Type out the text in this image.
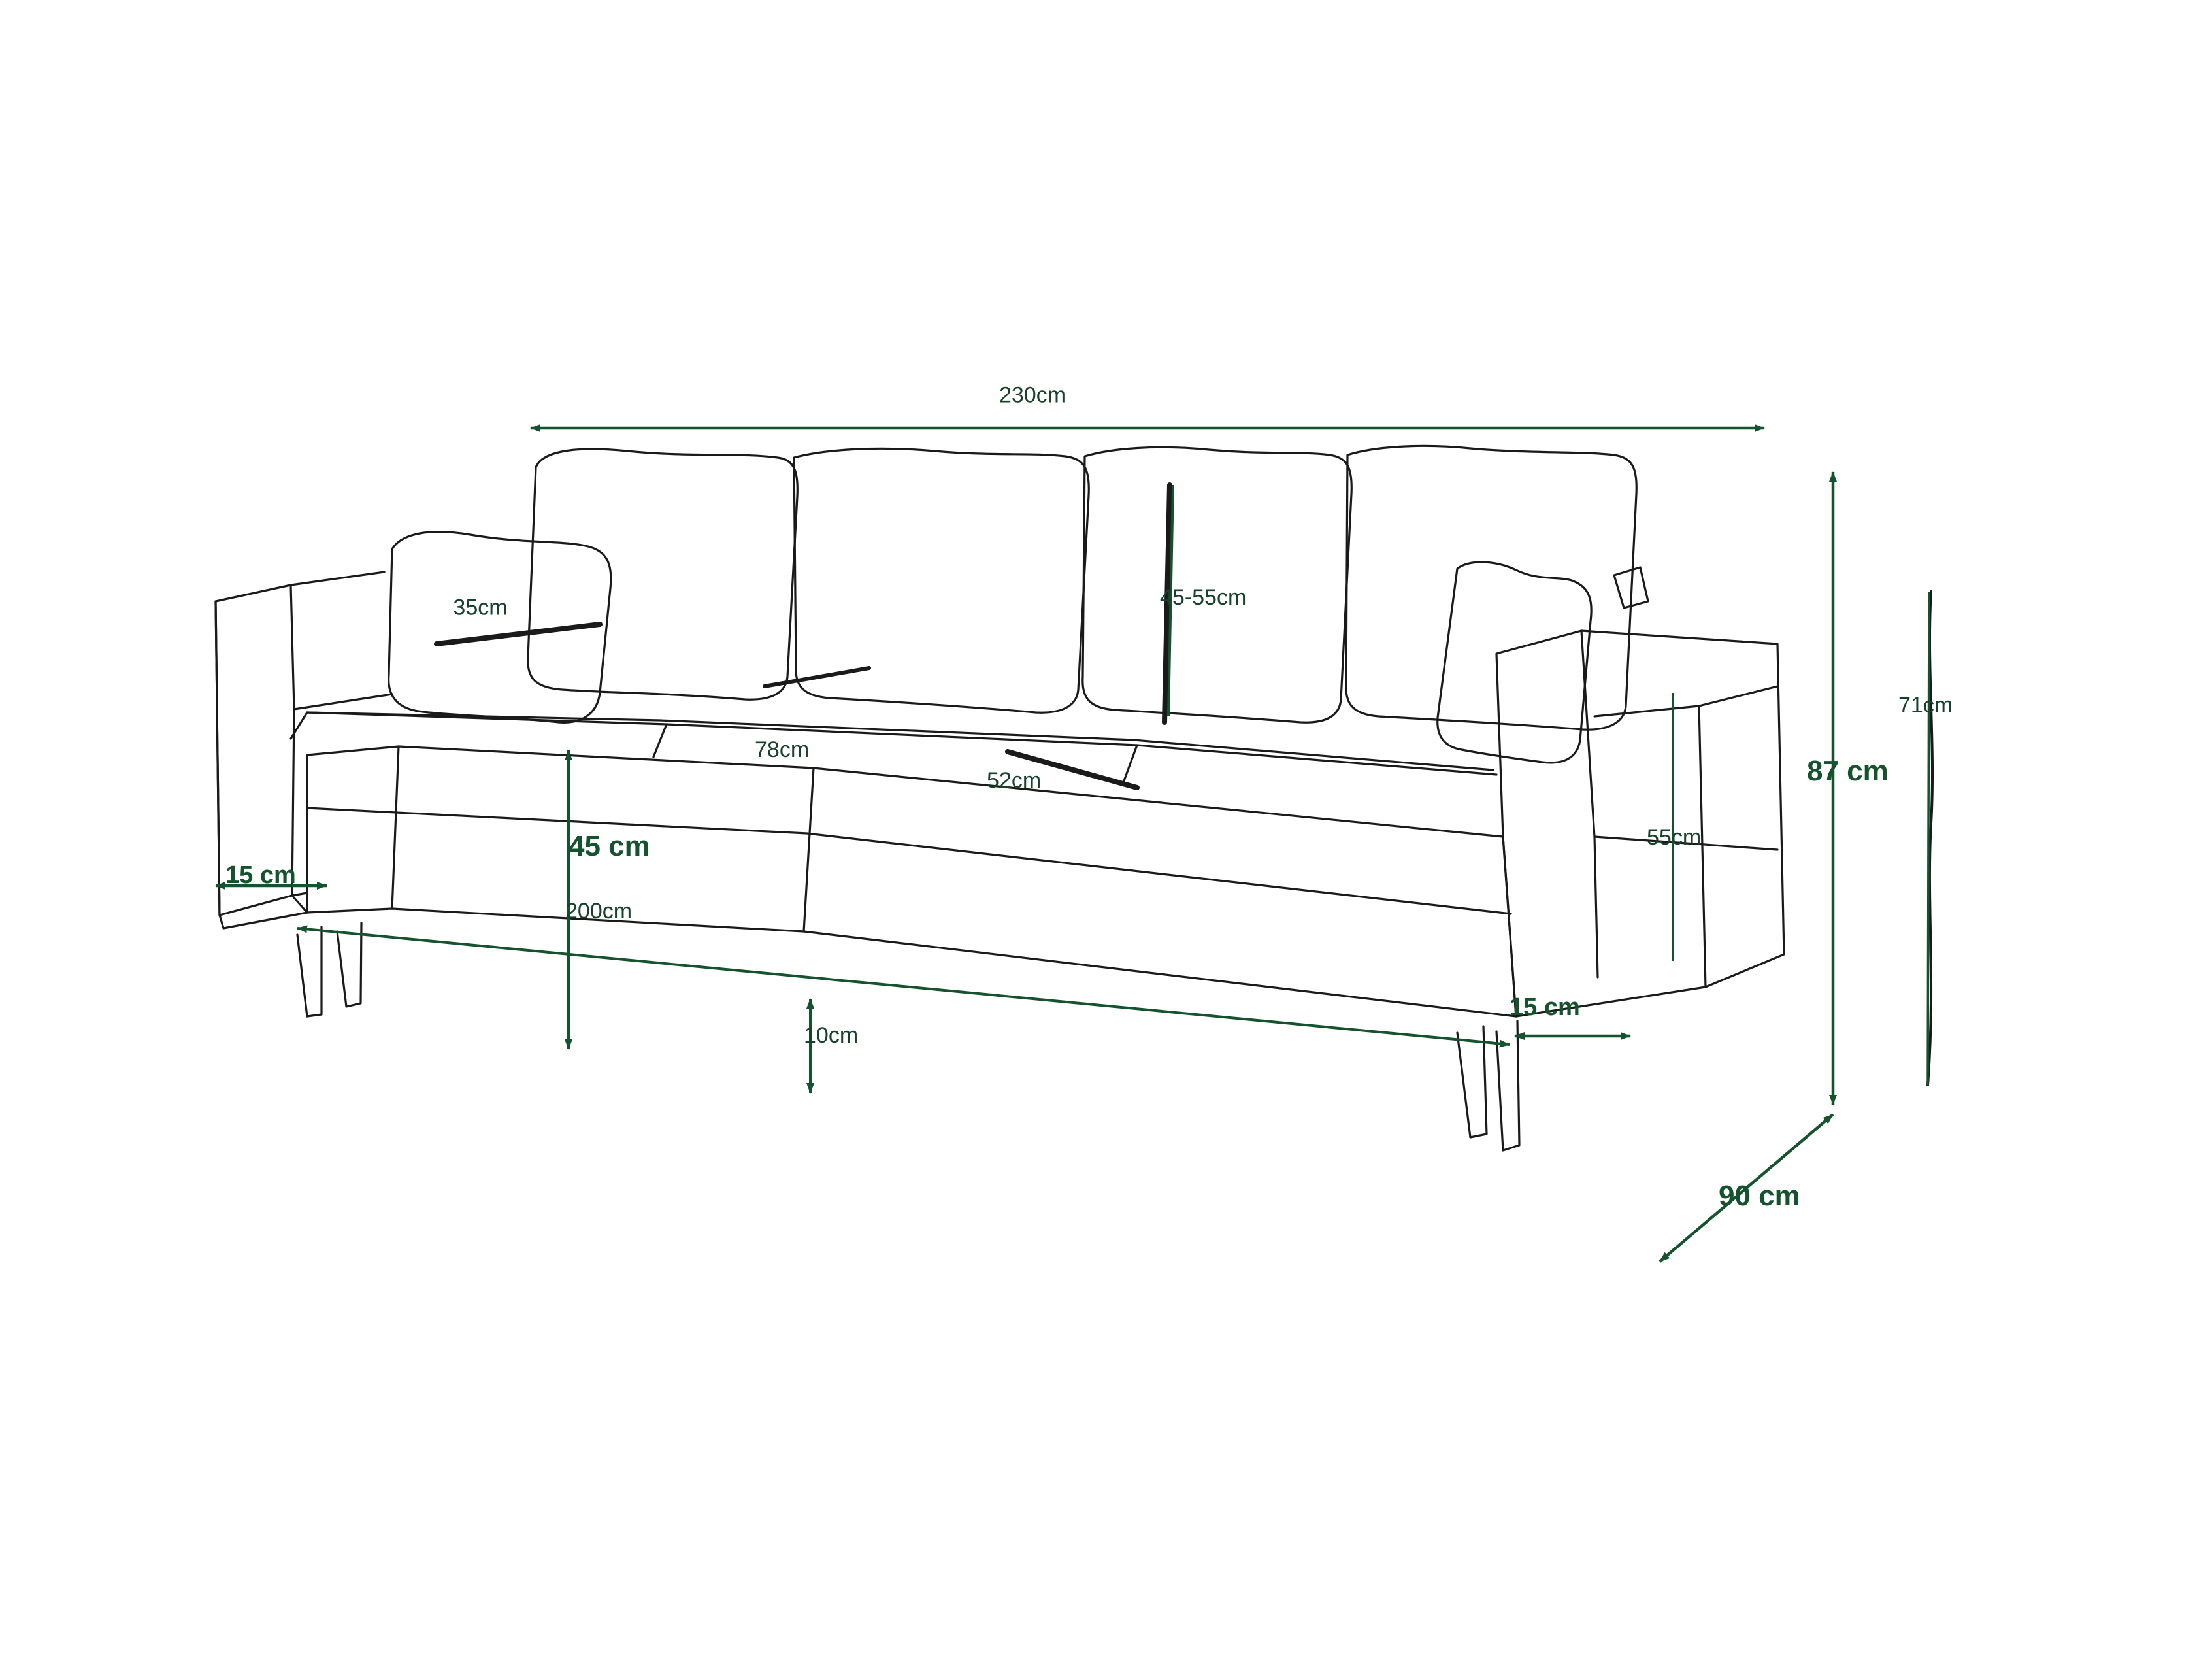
230cm
35cm	45-55cm
78cm
52cm
45 cm
15 cm
200cm
10cm
15 cm
55cm
87 cm
71cm
90 cm
